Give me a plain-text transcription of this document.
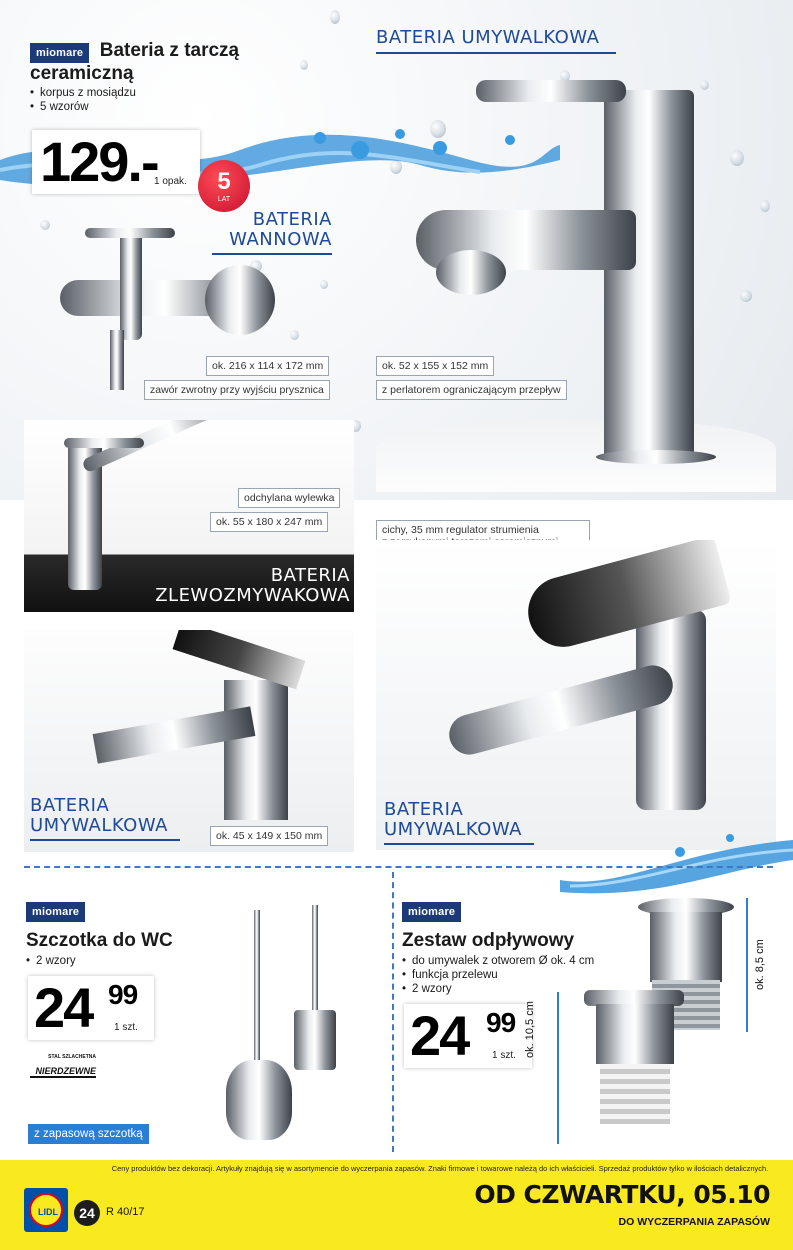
miomare Bateria z tarczą
ceramiczną
• korpus z mosiądzu
• 5 wzorów
129.-
1 opak.	5
LAT
BATERIA UMYWALKOWA
BATERIA
WANNOWA
ok. 216 x 114 x 172 mm
zawór zwrotny przy wyjściu prysznica
ok. 52 x 155 x 152 mm
z perlatorem ograniczającym przepływ
odchylana wylewka
ok. 55 x 180 x 247 mm
BATERIA
ZLEWOZMYWAKOWA
cichy, 35 mm regulator strumienia
BATERIA
UMYWALKOWA	ok. 45 x 149 x 150 mm
BATERIA
UMYWALKOWA
miomare
Szczotka do WC
• 2 wzory
24 99
1 szt.
STAL SZLACHETNA
NIERDZEWNE
z zapasową szczotką
miomare
Zestaw odpływowy
• do umywalek z otworem Ø ok. 4 cm
• funkcja przelewu
• 2 wzory
24 99
1 szt. ok. 10,5 cm
ok. 8,5 cm
Ceny produktów bez dekoracji. Artykuły znajdują się w asortymencie do wyczerpania zapasów. Znaki firmowe i towarowe należą do ich właścicieli. Sprzedaż produktów tylko w ilościach detalicznych.
LIDL	24	R 40/17
OD CZWARTKU, 05.10
DO WYCZERPANIA ZAPASÓW
